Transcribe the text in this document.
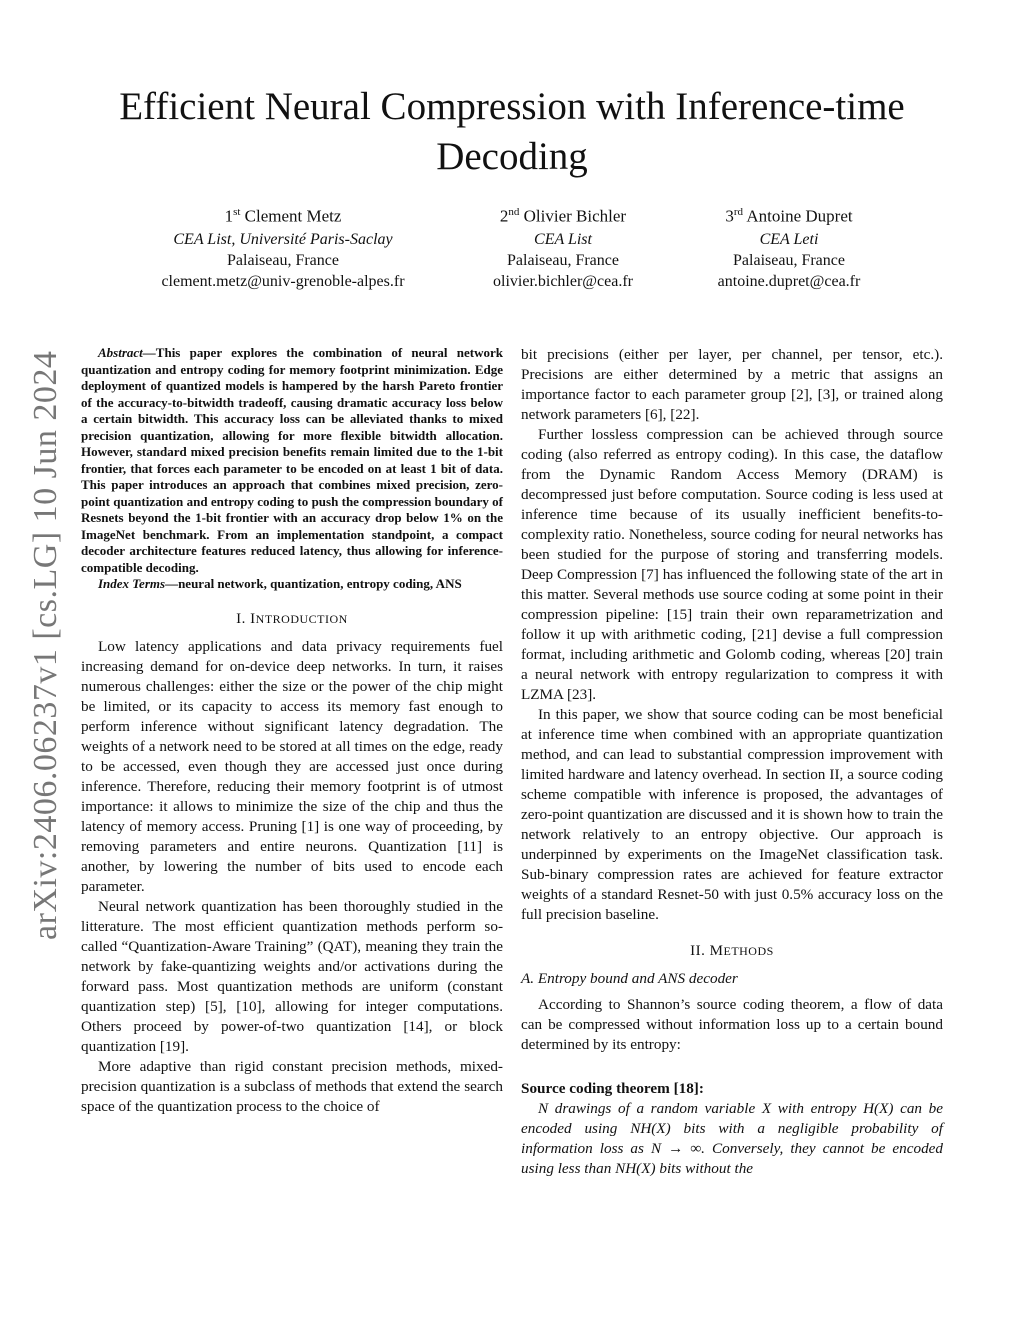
arXiv:2406.06237v1 [cs.LG] 10 Jun 2024
Efficient Neural Compression with Inference-time Decoding
1st Clement Metz
CEA List, Université Paris-Saclay
Palaiseau, France
clement.metz@univ-grenoble-alpes.fr
2nd Olivier Bichler
CEA List
Palaiseau, France
olivier.bichler@cea.fr
3rd Antoine Dupret
CEA Leti
Palaiseau, France
antoine.dupret@cea.fr

Abstract—This paper explores the combination of neural network quantization and entropy coding for memory footprint minimization. Edge deployment of quantized models is hampered by the harsh Pareto frontier of the accuracy-to-bitwidth tradeoff, causing dramatic accuracy loss below a certain bitwidth. This accuracy loss can be alleviated thanks to mixed precision quantization, allowing for more flexible bitwidth allocation. However, standard mixed precision benefits remain limited due to the 1-bit frontier, that forces each parameter to be encoded on at least 1 bit of data. This paper introduces an approach that combines mixed precision, zero-point quantization and entropy coding to push the compression boundary of Resnets beyond the 1-bit frontier with an accuracy drop below 1% on the ImageNet benchmark. From an implementation standpoint, a compact decoder architecture features reduced latency, thus allowing for inference-compatible decoding.

Index Terms—neural network, quantization, entropy coding, ANS

I. INTRODUCTION

Low latency applications and data privacy requirements fuel increasing demand for on-device deep networks. In turn, it raises numerous challenges: either the size or the power of the chip might be limited, or its capacity to access its memory fast enough to perform inference without significant latency degradation. The weights of a network need to be stored at all times on the edge, ready to be accessed, even though they are accessed just once during inference. Therefore, reducing their memory footprint is of utmost importance: it allows to minimize the size of the chip and thus the latency of memory access. Pruning [1] is one way of proceeding, by removing parameters and entire neurons. Quantization [11] is another, by lowering the number of bits used to encode each parameter.

Neural network quantization has been thoroughly studied in the litterature. The most efficient quantization methods perform so-called “Quantization-Aware Training” (QAT), meaning they train the network by fake-quantizing weights and/or activations during the forward pass. Most quantization methods are uniform (constant quantization step) [5], [10], allowing for integer computations. Others proceed by power-of-two quantization [14], or block quantization [19].

More adaptive than rigid constant precision methods, mixed-precision quantization is a subclass of methods that extend the search space of the quantization process to the choice of

bit precisions (either per layer, per channel, per tensor, etc.). Precisions are either determined by a metric that assigns an importance factor to each parameter group [2], [3], or trained along network parameters [6], [22].

Further lossless compression can be achieved through source coding (also referred as entropy coding). In this case, the dataflow from the Dynamic Random Access Memory (DRAM) is decompressed just before computation. Source coding is less used at inference time because of its usually inefficient benefits-to-complexity ratio. Nonetheless, source coding for neural networks has been studied for the purpose of storing and transferring models. Deep Compression [7] has influenced the following state of the art in this matter. Several methods use source coding at some point in their compression pipeline: [15] train their own reparametrization and follow it up with arithmetic coding, [21] devise a full compression format, including arithmetic and Golomb coding, whereas [20] train a neural network with entropy regularization to compress it with LZMA [23].

In this paper, we show that source coding can be most beneficial at inference time when combined with an appropriate quantization method, and can lead to substantial compression improvement with limited hardware and latency overhead. In section II, a source coding scheme compatible with inference is proposed, the advantages of zero-point quantization are discussed and it is shown how to train the network relatively to an entropy objective. Our approach is underpinned by experiments on the ImageNet classification task. Sub-binary compression rates are achieved for feature extractor weights of a standard Resnet-50 with just 0.5% accuracy loss on the full precision baseline.

II. METHODS
A. Entropy bound and ANS decoder

According to Shannon’s source coding theorem, a flow of data can be compressed without information loss up to a certain bound determined by its entropy:

Source coding theorem [18]:

N drawings of a random variable X with entropy H(X) can be encoded using NH(X) bits with a negligible probability of information loss as N → ∞. Conversely, they cannot be encoded using less than NH(X) bits without the
